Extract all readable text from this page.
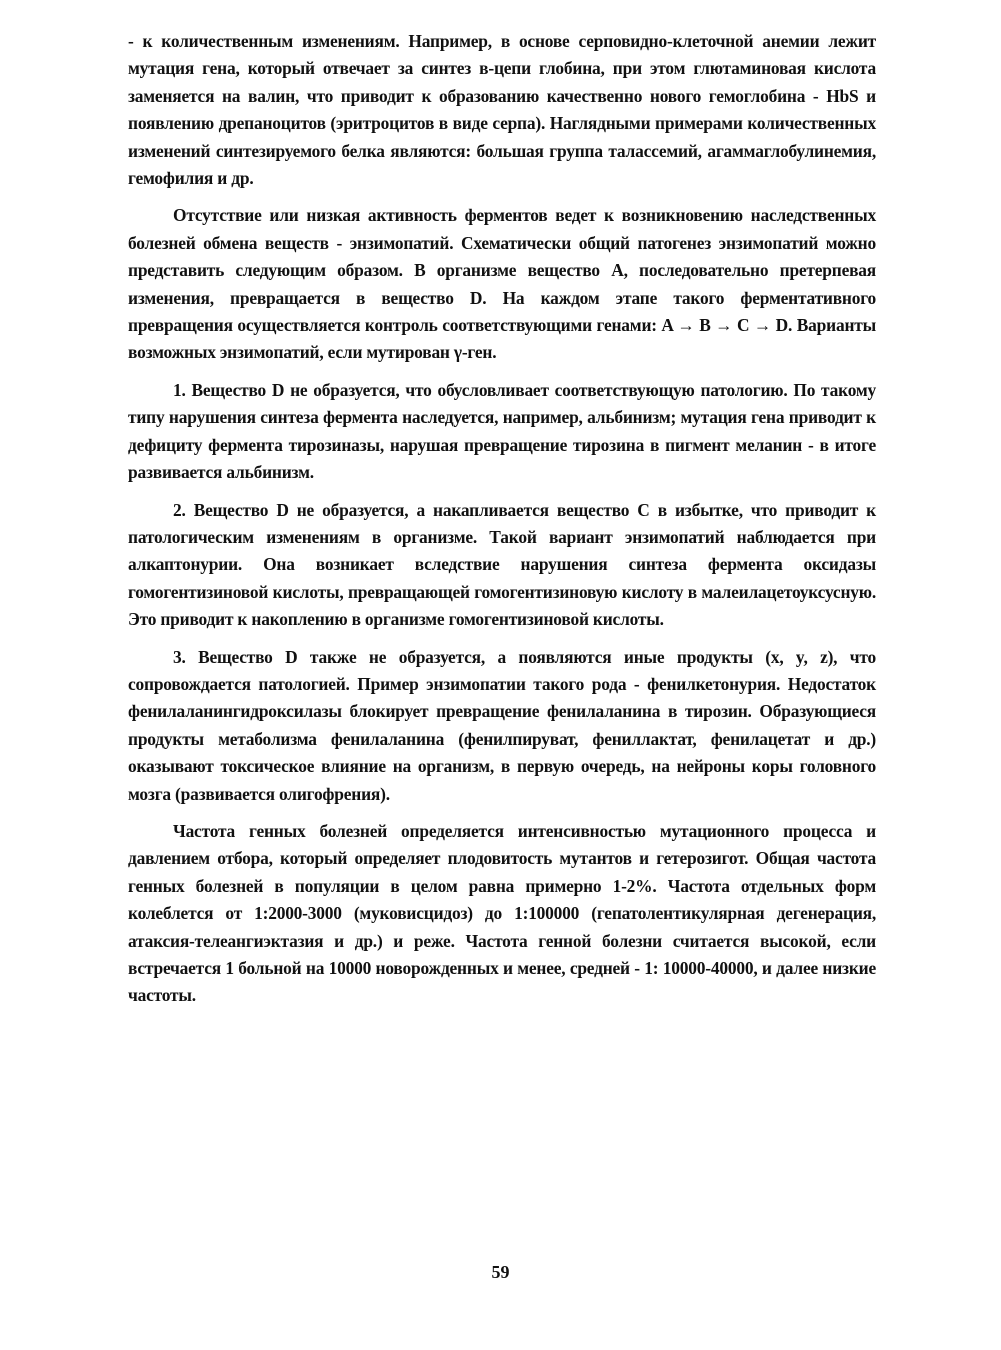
- к количественным изменениям. Например, в основе серповидно-клеточной анемии лежит мутация гена, который отвечает за синтез в-цепи глобина, при этом глютаминовая кислота заменяется на валин, что приводит к образованию качественно нового гемоглобина - HbS и появлению дрепаноцитов (эритроцитов в виде серпа). Наглядными примерами количественных изменений синтезируемого белка являются: большая группа талассемий, агаммаглобулинемия, гемофилия и др.

Отсутствие или низкая активность ферментов ведет к возникновению наследственных болезней обмена веществ - энзимопатий. Схематически общий патогенез энзимопатий можно представить следующим образом. В организме вещество А, последовательно претерпевая изменения, превращается в вещество D. На каждом этапе такого ферментативного превращения осуществляется контроль соответствующими генами: A → B → C → D. Варианты возможных энзимопатий, если мутирован γ-ген.

1. Вещество D не образуется, что обусловливает соответствующую патологию. По такому типу нарушения синтеза фермента наследуется, например, альбинизм; мутация гена приводит к дефициту фермента тирозиназы, нарушая превращение тирозина в пигмент меланин - в итоге развивается альбинизм.

2. Вещество D не образуется, а накапливается вещество C в избытке, что приводит к патологическим изменениям в организме. Такой вариант энзимопатий наблюдается при алкаптонурии. Она возникает вследствие нарушения синтеза фермента оксидазы гомогентизиновой кислоты, превращающей гомогентизиновую кислоту в малеилацетоуксусную. Это приводит к накоплению в организме гомогентизиновой кислоты.

3. Вещество D также не образуется, а появляются иные продукты (x, y, z), что сопровождается патологией. Пример энзимопатии такого рода - фенилкетонурия. Недостаток фенилаланингидроксилазы блокирует превращение фенилаланина в тирозин. Образующиеся продукты метаболизма фенилаланина (фенилпируват, фениллактат, фенилацетат и др.) оказывают токсическое влияние на организм, в первую очередь, на нейроны коры головного мозга (развивается олигофрения).

Частота генных болезней определяется интенсивностью мутационного процесса и давлением отбора, который определяет плодовитость мутантов и гетерозигот. Общая частота генных болезней в популяции в целом равна примерно 1-2%. Частота отдельных форм колеблется от 1:2000-3000 (муковисцидоз) до 1:100000 (гепатолентикулярная дегенерация, атаксия-телеангиэктазия и др.) и реже. Частота генной болезни считается высокой, если встречается 1 больной на 10000 новорожденных и менее, средней - 1: 10000-40000, и далее низкие частоты.

59
